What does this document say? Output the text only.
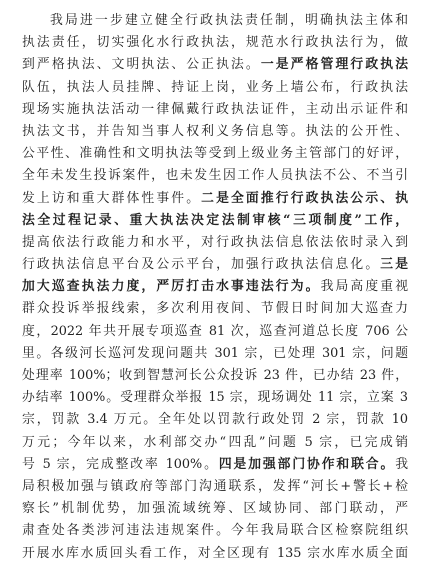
我局进一步建立健全行政执法责任制，明确执法主体和
执法责任，切实强化水行政执法，规范水行政执法行为，做
到严格执法、文明执法、公正执法。一是严格管理行政执法
队伍，执法人员挂牌、持证上岗，业务上墙公布，行政执法
现场实施执法活动一律佩戴行政执法证件，主动出示证件和
执法文书，并告知当事人权利义务信息等。执法的公开性、
公平性、准确性和文明执法等受到上级业务主管部门的好评，
全年未发生投诉案件，也未发生因工作人员执法不公、不当引
发上访和重大群体性事件。二是全面推行行政执法公示、执
法全过程记录、重大执法决定法制审核“三项制度”工作，
提高依法行政能力和水平，对行政执法信息依法依时录入到
行政执法信息平台及公示平台，加强行政执法信息化。三是
加大巡查执法力度，严厉打击水事违法行为。我局高度重视
群众投诉举报线索，多次利用夜间、节假日时间加大巡查力
度，2022 年共开展专项巡查 81 次，巡查河道总长度 706 公
里。各级河长巡河发现问题共 301 宗，已处理 301 宗，问题
处理率 100%；收到智慧河长公众投诉 23 件，已办结 23 件，
办结率 100%。受理群众举报 15 宗，现场调处 11 宗，立案 3
宗，罚款 3.4 万元。全年处以罚款行政处罚 2 宗，罚款 10
万元；今年以来，水利部交办“四乱”问题 5 宗，已完成销
号 5 宗，完成整改率 100%。四是加强部门协作和联合。我
局积极加强与镇政府等部门沟通联系，发挥“河长+警长+检
察长”机制优势，加强流域统筹、区域协同、部门联动，严
肃查处各类涉河违法违规案件。今年我局联合区检察院组织
开展水库水质回头看工作，对全区现有 135 宗水库水质全面
